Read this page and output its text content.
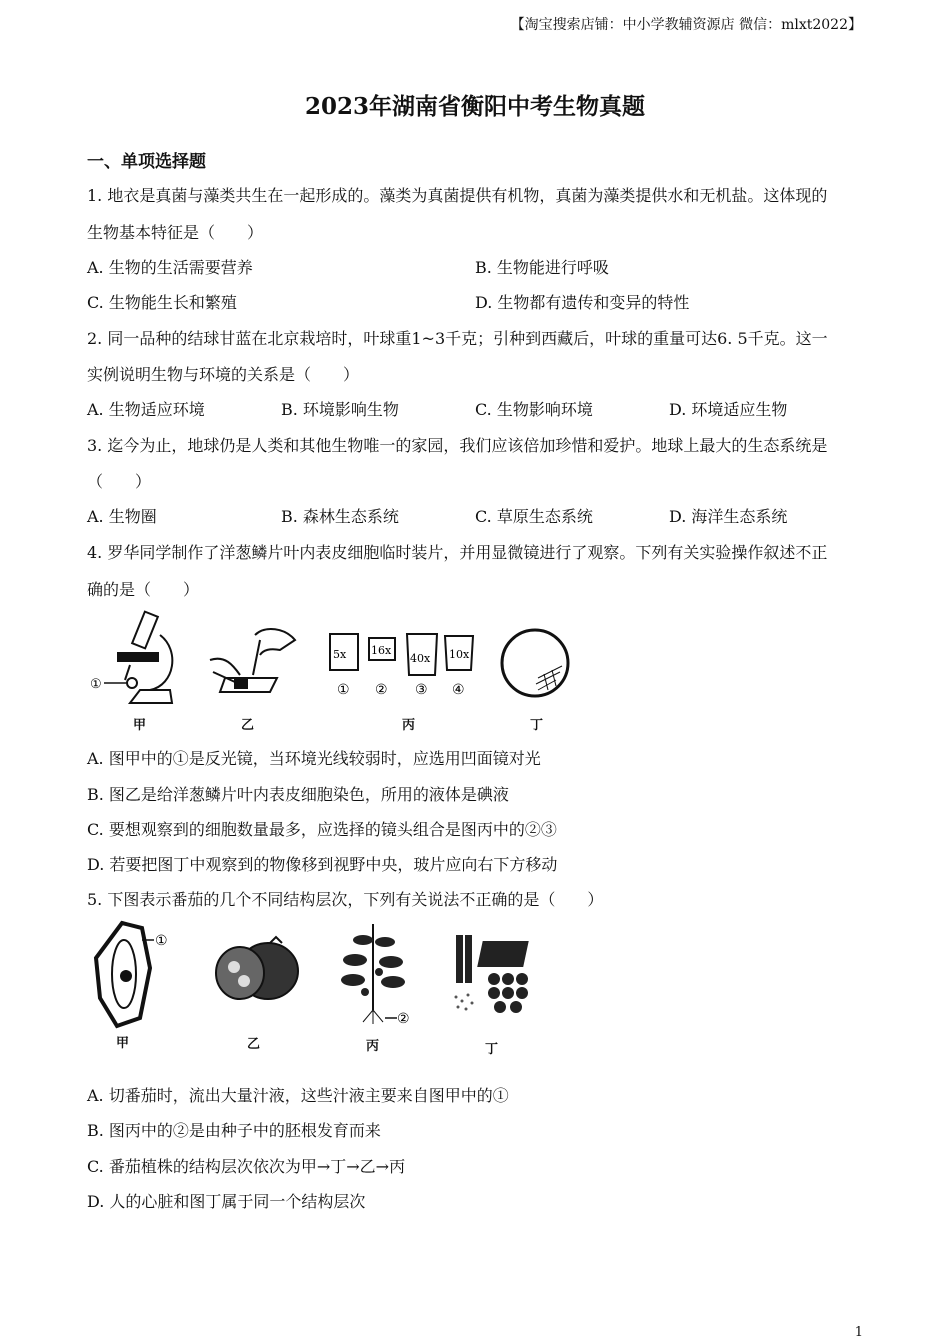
【淘宝搜索店铺：中小学教辅资源店 微信：mlxt2022】
2023年湖南省衡阳中考生物真题
一、单项选择题
1. 地衣是真菌与藻类共生在一起形成的。藻类为真菌提供有机物，真菌为藻类提供水和无机盐。这体现的
生物基本特征是（　　）
A. 生物的生活需要营养	B. 生物能进行呼吸
C. 生物能生长和繁殖	D. 生物都有遗传和变异的特性
2. 同一品种的结球甘蓝在北京栽培时，叶球重1~3千克；引种到西藏后，叶球的重量可达6. 5千克。这一
实例说明生物与环境的关系是（　　）
A. 生物适应环境	B. 环境影响生物	C. 生物影响环境	D. 环境适应生物
3. 迄今为止，地球仍是人类和其他生物唯一的家园，我们应该倍加珍惜和爱护。地球上最大的生态系统是
（　　）
A. 生物圈	B. 森林生态系统	C. 草原生态系统	D. 海洋生态系统
4. 罗华同学制作了洋葱鳞片叶内表皮细胞临时装片，并用显微镜进行了观察。下列有关实验操作叙述不正
确的是（　　）
①
5x 16x
40x 10x
① ② ③ ④
甲	乙	丙	丁
A. 图甲中的①是反光镜，当环境光线较弱时，应选用凹面镜对光
B. 图乙是给洋葱鳞片叶内表皮细胞染色，所用的液体是碘液
C. 要想观察到的细胞数量最多，应选择的镜头组合是图丙中的②③
D. 若要把图丁中观察到的物像移到视野中央，玻片应向右下方移动
5. 下图表示番茄的几个不同结构层次，下列有关说法不正确的是（　　）
①
②
甲	乙	丙	丁
A. 切番茄时，流出大量汁液，这些汁液主要来自图甲中的①
B. 图丙中的②是由种子中的胚根发育而来
C. 番茄植株的结构层次依次为甲→丁→乙→丙
D. 人的心脏和图丁属于同一个结构层次
1
